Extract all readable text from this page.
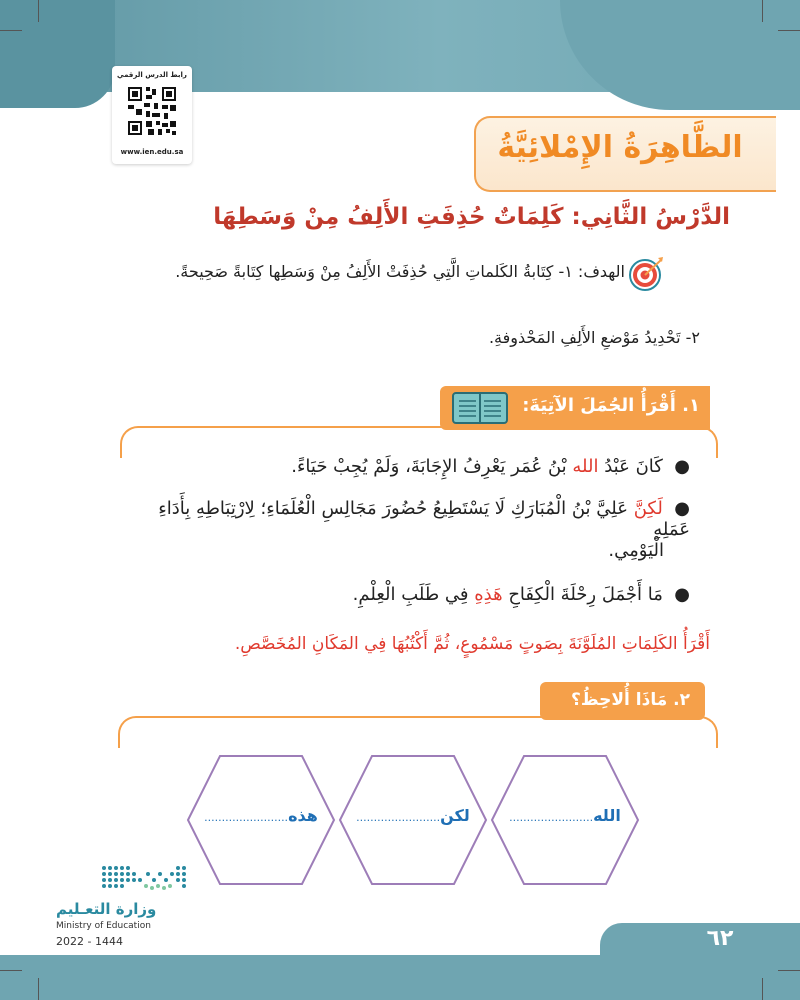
٦٢
رابط الدرس الرقمي
www.ien.edu.sa	الظَّاهِرَةُ الإِمْلائِيَّةُ
الدَّرْسُ الثَّانِي: كَلِمَاتٌ حُذِفَتِ الأَلِفُ مِنْ وَسَطِهَا
الهدف: ١- كِتَابةُ الكَلماتِ الَّتِي حُذِفَتْ الأَلِفُ مِنْ وَسَطِها كِتَابةً صَحِيحةً.
٢- تَحْدِيدُ مَوْضعِ الأَلِفِ المَحْذوفةِ.
١. أَقْرَأُ الجُمَلَ الآتِيَةَ:
●  كَانَ عَبْدُ الله بْنُ عُمَر يَعْرِفُ الإِجَابَةَ، وَلَمْ يُجِبْ حَيَاءً.
●  لَكِنَّ عَلِيَّ بْنُ الْمُبَارَكِ لَا يَسْتَطِيعُ حُضُورَ مَجَالِسِ الْعُلَمَاءِ؛ لِارْتِبَاطِهِ بِأَدَاءِ عَمَلِهِ
الْيَوْمِي.
●  مَا أَجْمَلَ رِحْلَةَ الْكِفَاحِ هَذِهِ فِي طَلَبِ الْعِلْمِ.
أَقْرَأُ الكَلِمَاتِ المُلَوَّنَةَ بِصَوتٍ مَسْمُوعٍ، ثُمَّ أَكْتُبُهَا فِي المَكَانِ المُخَصَّصِ.
٢. مَاذَا أُلاحِظُ؟
الله........................
لكن........................
هذه........................
وزارة التعـليم
Ministry of Education
2022 - 1444
